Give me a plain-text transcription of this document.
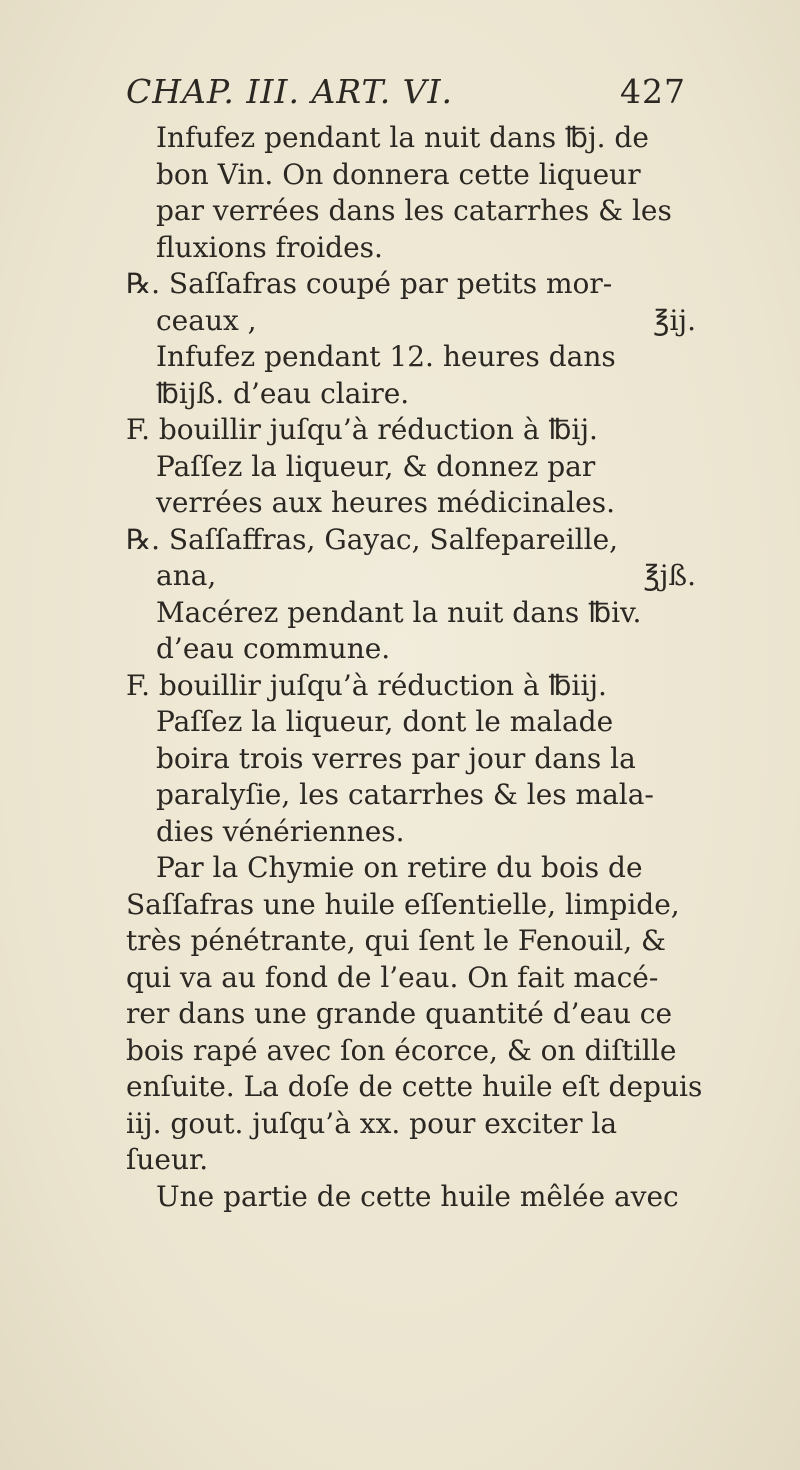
CHAP. III. ART. VI.	427
Infufez pendant la nuit dans ℔j. de
bon Vin. On donnera cette liqueur
par verrées dans les catarrhes & les
fluxions froides.
℞. Saſſafras coupé par petits mor-
ceaux ,	℥ij.
Infufez pendant 12. heures dans
℔ijß. d’eau claire.
F. bouillir juſqu’à réduction à ℔ij.
Paſſez la liqueur, & donnez par
verrées aux heures médicinales.
℞. Saſſaffras, Gayac, Salfepareille,
ana,	℥jß.
Macérez pendant la nuit dans ℔iv.
d’eau commune.
F. bouillir juſqu’à réduction à ℔iij.
Paſſez la liqueur, dont le malade
boira trois verres par jour dans la
paralyſie, les catarrhes & les mala-
dies vénériennes.
Par la Chymie on retire du bois de
Saſſafras une huile eſſentielle, limpide,
très pénétrante, qui ſent le Fenouil, &
qui va au fond de l’eau. On fait macé-
rer dans une grande quantité d’eau ce
bois rapé avec ſon écorce, & on diſtille
enſuite. La doſe de cette huile eſt depuis
iij. gout. juſqu’à xx. pour exciter la
ſueur.
Une partie de cette huile mêlée avec
